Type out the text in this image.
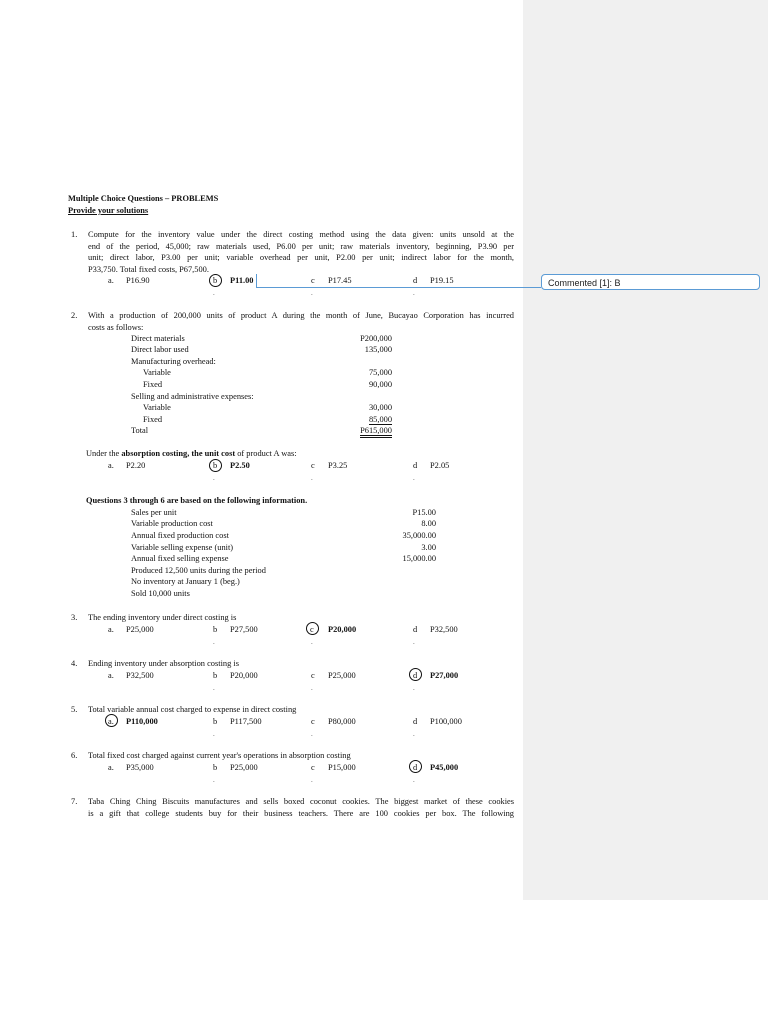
Multiple Choice Questions – PROBLEMS
Provide your solutions
1. Compute for the inventory value under the direct costing method using the data given: units unsold at the
end of the period, 45,000; raw materials used, P6.00 per unit; raw materials inventory, beginning, P3.90 per
unit; direct labor, P3.00 per unit; variable overhead per unit, P2.00 per unit; indirect labor for the month,
P33,750. Total fixed costs, P67,500.
a. P16.90	b P11.00	c P17.45	d P19.15
.	.	.
2. With a production of 200,000 units of product A during the month of June, Bucayao Corporation has incurred
costs as follows:
Direct materials	P200,000
Direct labor used	135,000
Manufacturing overhead:
Variable	75,000
Fixed	90,000
Selling and administrative expenses:
Variable	30,000
Fixed	85,000
Total	P615,000
Under the absorption costing, the unit cost of product A was:
a. P2.20	b P2.50	c P3.25	d P2.05
.	.	.
Questions 3 through 6 are based on the following information.
Sales per unit	P15.00
Variable production cost	8.00
Annual fixed production cost	35,000.00
Variable selling expense (unit)	3.00
Annual fixed selling expense	15,000.00
Produced 12,500 units during the period
No inventory at January 1 (beg.)
Sold 10,000 units
3. The ending inventory under direct costing is
a. P25,000	b P27,500	c P20,000	d P32,500
.	.	.
4. Ending inventory under absorption costing is
a. P32,500	b P20,000	c P25,000	d P27,000
.	.	.
5. Total variable annual cost charged to expense in direct costing
a. P110,000	b P117,500	c P80,000	d P100,000
.	.	.
6. Total fixed cost charged against current year's operations in absorption costing
a. P35,000	b P25,000	c P15,000	d P45,000
.	.	.
7. Taba Ching Ching Biscuits manufactures and sells boxed coconut cookies. The biggest market of these cookies
is a gift that college students buy for their business teachers. There are 100 cookies per box. The following
Commented [1]: B
